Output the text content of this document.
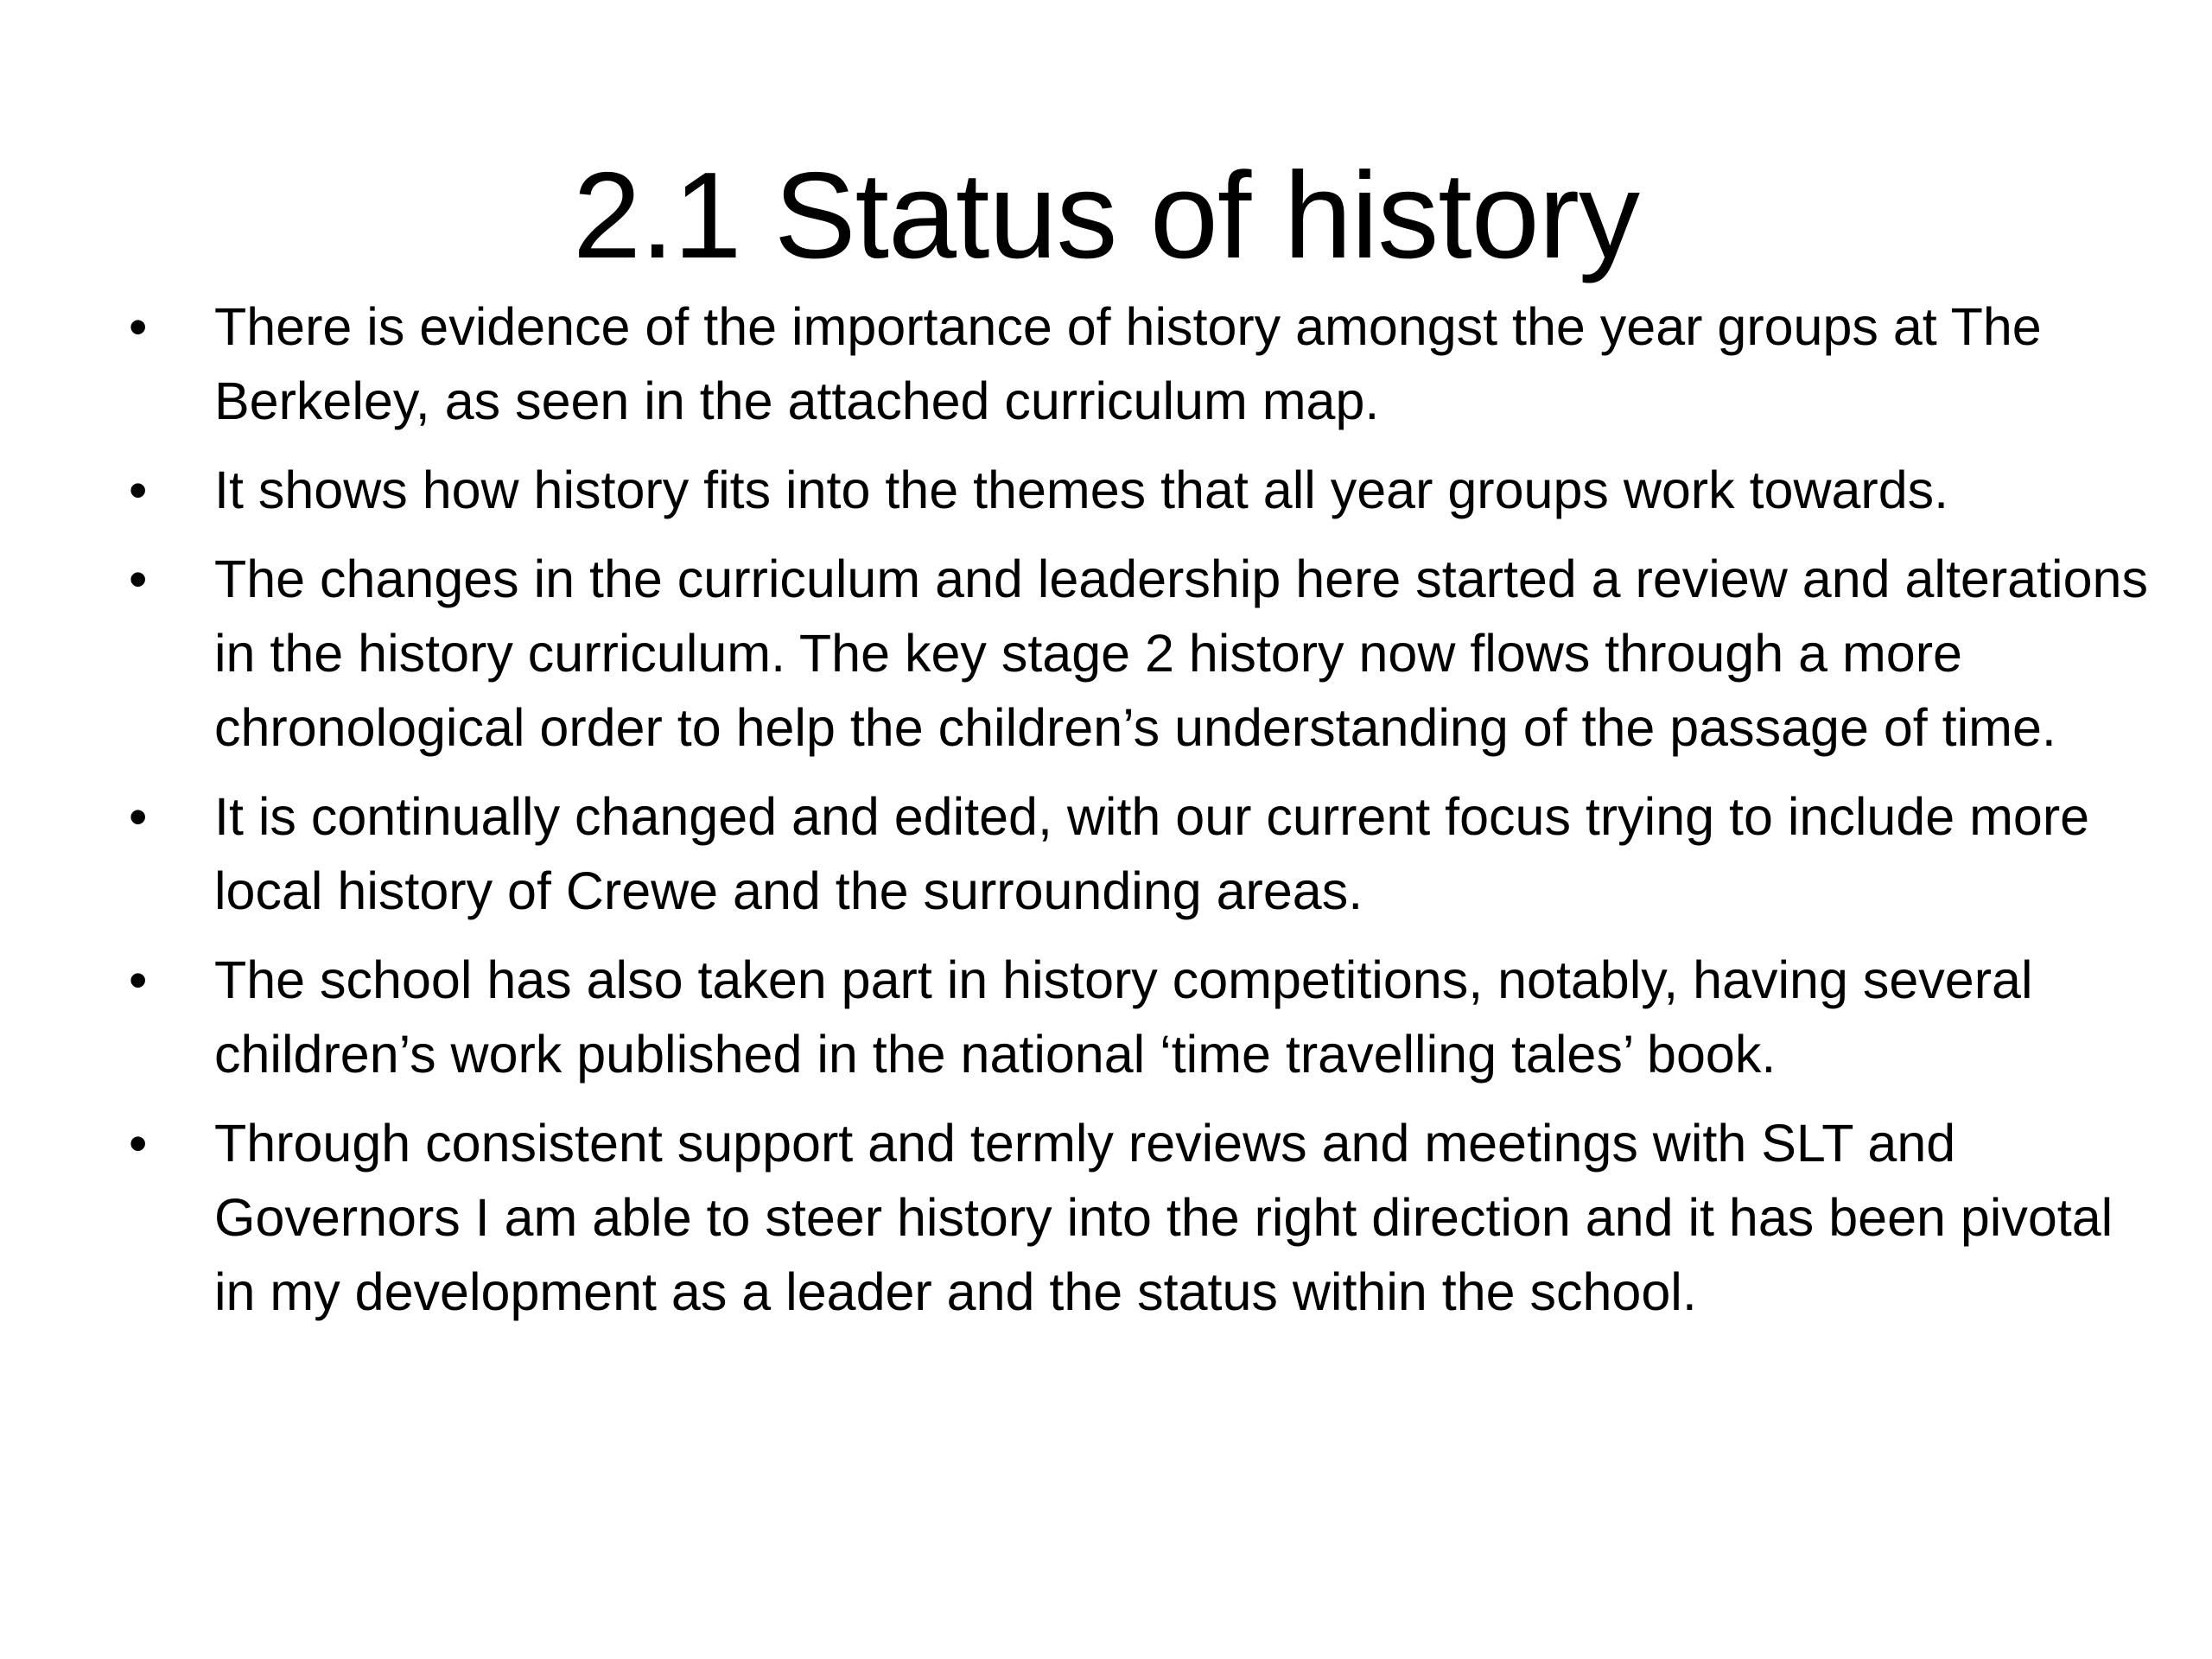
2.1 Status of history
•	There is evidence of the importance of history amongst the year groups at The Berkeley, as seen in the attached curriculum map.
•	It shows how history fits into the themes that all year groups work towards.
•	The changes in the curriculum and leadership here started a review and alterations in the history curriculum. The key stage 2 history now flows through a more chronological order to help the children’s understanding of the passage of time.
•	It is continually changed and edited, with our current focus trying to include more local history of Crewe and the surrounding areas.
•	The school has also taken part in history competitions, notably, having several children’s work published in the national ‘time travelling tales’ book.
•	Through consistent support and termly reviews and meetings with SLT and Governors I am able to steer history into the right direction and it has been pivotal in my development as a leader and the status within the school.
